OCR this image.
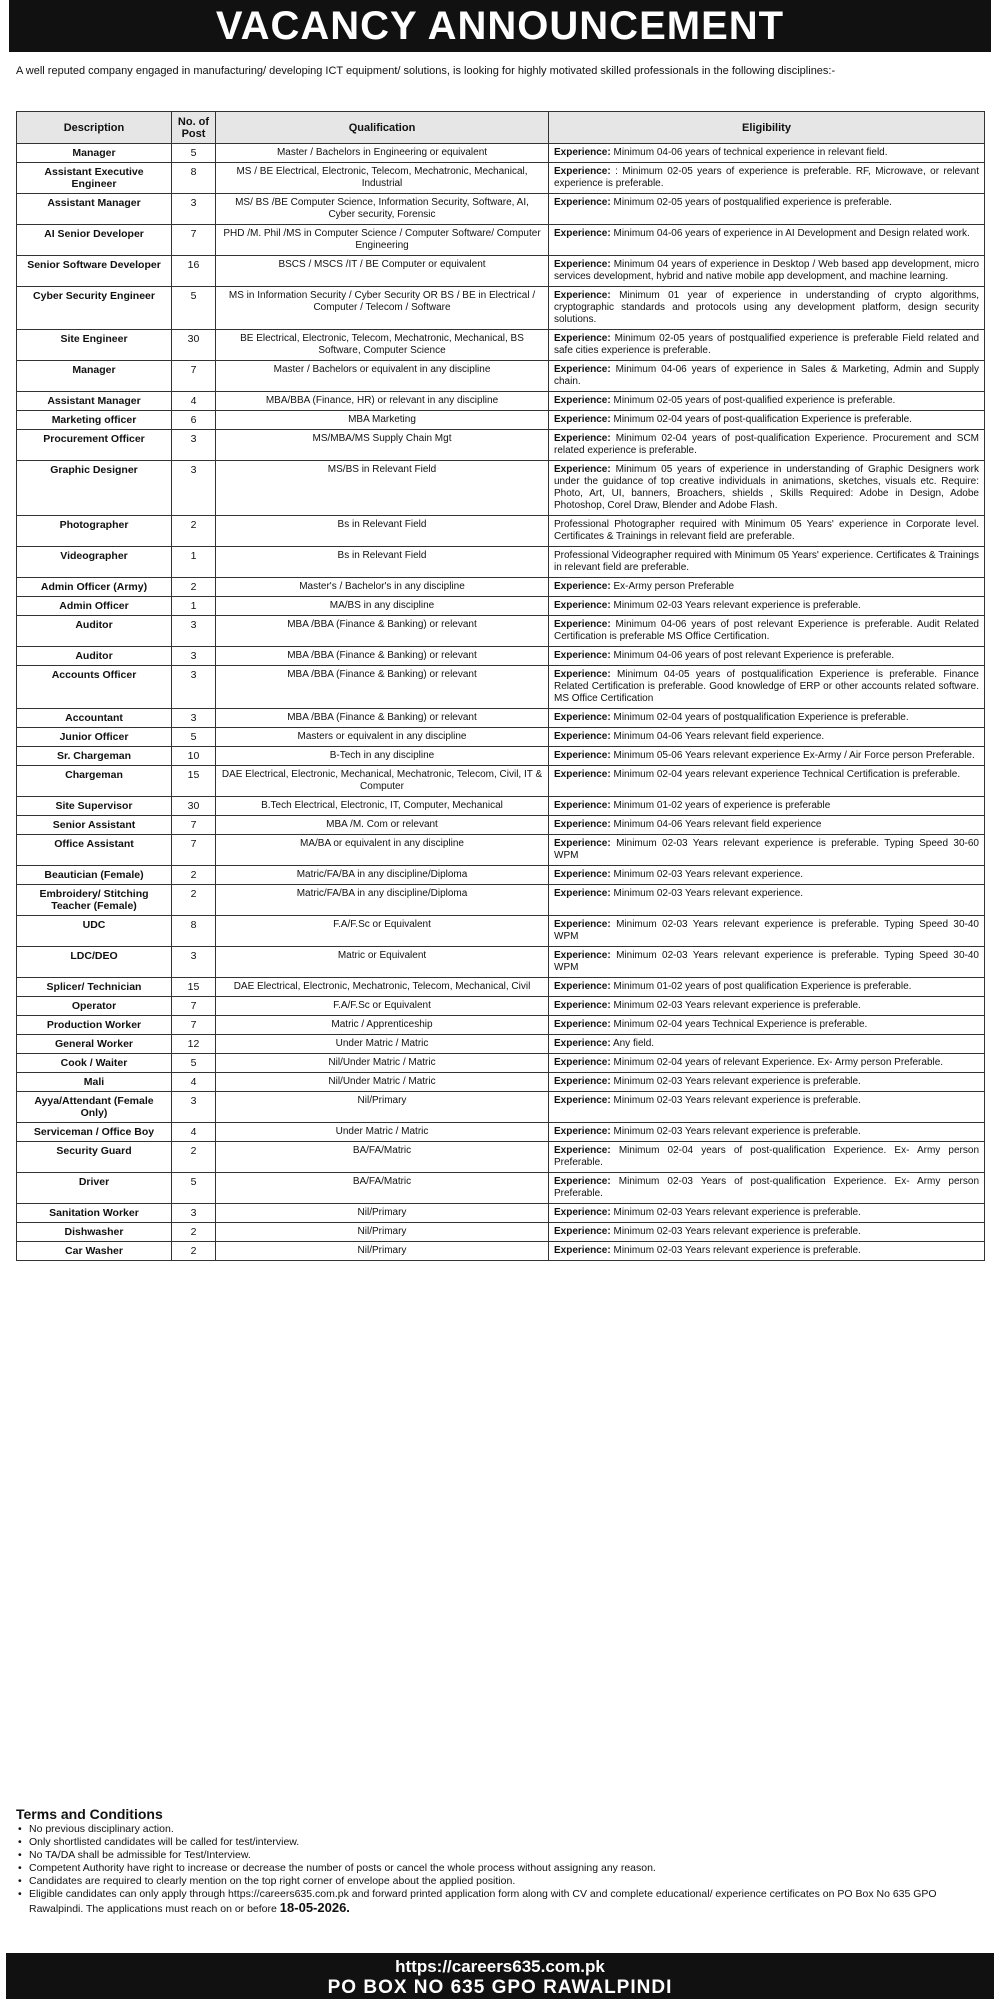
VACANCY ANNOUNCEMENT

A well reputed company engaged in manufacturing/ developing ICT equipment/ solutions, is looking for highly motivated skilled professionals in the following disciplines:-

Description	No. of Post	Qualification	Eligibility
Manager	5	Master / Bachelors in Engineering or equivalent	Experience: Minimum 04-06 years of technical experience in relevant field.
Assistant Executive Engineer	8	MS / BE Electrical, Electronic, Telecom, Mechatronic, Mechanical, Industrial	Experience: : Minimum 02-05 years of experience is preferable. RF, Microwave, or relevant experience is preferable.
Assistant Manager	3	MS/ BS /BE Computer Science, Information Security, Software, AI, Cyber security, Forensic	Experience: Minimum 02-05 years of postqualified experience is preferable.
AI Senior Developer	7	PHD /M. Phil /MS in Computer Science / Computer Software/ Computer Engineering	Experience: Minimum 04-06 years of experience in AI Development and Design related work.
Senior Software Developer	16	BSCS / MSCS /IT / BE Computer or equivalent	Experience: Minimum 04 years of experience in Desktop / Web based app development, micro services development, hybrid and native mobile app development, and machine learning.
Cyber Security Engineer	5	MS in Information Security / Cyber Security OR BS / BE in Electrical / Computer / Telecom / Software	Experience: Minimum 01 year of experience in understanding of crypto algorithms, cryptographic standards and protocols using any development platform, design security solutions.
Site Engineer	30	BE Electrical, Electronic, Telecom, Mechatronic, Mechanical, BS Software, Computer Science	Experience: Minimum 02-05 years of postqualified experience is preferable Field related and safe cities experience is preferable.
Manager	7	Master / Bachelors or equivalent in any discipline	Experience: Minimum 04-06 years of experience in Sales & Marketing, Admin and Supply chain.
Assistant Manager	4	MBA/BBA (Finance, HR) or relevant in any discipline	Experience: Minimum 02-05 years of post-qualified experience is preferable.
Marketing officer	6	MBA Marketing	Experience: Minimum 02-04 years of post-qualification Experience is preferable.
Procurement Officer	3	MS/MBA/MS Supply Chain Mgt	Experience: Minimum 02-04 years of post-qualification Experience. Procurement and SCM related experience is preferable.
Graphic Designer	3	MS/BS in Relevant Field	Experience: Minimum 05 years of experience in understanding of Graphic Designers work under the guidance of top creative individuals in animations, sketches, visuals etc. Require: Photo, Art, UI, banners, Broachers, shields , Skills Required: Adobe in Design, Adobe Photoshop, Corel Draw, Blender and Adobe Flash.
Photographer	2	Bs in Relevant Field	Professional Photographer required with Minimum 05 Years' experience in Corporate level. Certificates & Trainings in relevant field are preferable.
Videographer	1	Bs in Relevant Field	Professional Videographer required with Minimum 05 Years' experience. Certificates & Trainings in relevant field are preferable.
Admin Officer (Army)	2	Master's / Bachelor's in any discipline	Experience: Ex-Army person Preferable
Admin Officer	1	MA/BS in any discipline	Experience: Minimum 02-03 Years relevant experience is preferable.
Auditor	3	MBA /BBA (Finance & Banking) or relevant	Experience: Minimum 04-06 years of post relevant Experience is preferable. Audit Related Certification is preferable MS Office Certification.
Auditor	3	MBA /BBA (Finance & Banking) or relevant	Experience: Minimum 04-06 years of post relevant Experience is preferable.
Accounts Officer	3	MBA /BBA (Finance & Banking) or relevant	Experience: Minimum 04-05 years of postqualification Experience is preferable. Finance Related Certification is preferable. Good knowledge of ERP or other accounts related software. MS Office Certification
Accountant	3	MBA /BBA (Finance & Banking) or relevant	Experience: Minimum 02-04 years of postqualification Experience is preferable.
Junior Officer	5	Masters or equivalent in any discipline	Experience: Minimum 04-06 Years relevant field experience.
Sr. Chargeman	10	B-Tech in any discipline	Experience: Minimum 05-06 Years relevant experience Ex-Army / Air Force person Preferable.
Chargeman	15	DAE Electrical, Electronic, Mechanical, Mechatronic, Telecom, Civil, IT & Computer	Experience: Minimum 02-04 years relevant experience Technical Certification is preferable.
Site Supervisor	30	B.Tech Electrical, Electronic, IT, Computer, Mechanical	Experience: Minimum 01-02 years of experience is preferable
Senior Assistant	7	MBA /M. Com or relevant	Experience: Minimum 04-06 Years relevant field experience
Office Assistant	7	MA/BA or equivalent in any discipline	Experience: Minimum 02-03 Years relevant experience is preferable. Typing Speed 30-60 WPM
Beautician (Female)	2	Matric/FA/BA in any discipline/Diploma	Experience: Minimum 02-03 Years relevant experience.
Embroidery/ Stitching Teacher (Female)	2	Matric/FA/BA in any discipline/Diploma	Experience: Minimum 02-03 Years relevant experience.
UDC	8	F.A/F.Sc or Equivalent	Experience: Minimum 02-03 Years relevant experience is preferable. Typing Speed 30-40 WPM
LDC/DEO	3	Matric or Equivalent	Experience: Minimum 02-03 Years relevant experience is preferable. Typing Speed 30-40 WPM
Splicer/ Technician	15	DAE Electrical, Electronic, Mechatronic, Telecom, Mechanical, Civil	Experience: Minimum 01-02 years of post qualification Experience is preferable.
Operator	7	F.A/F.Sc or Equivalent	Experience: Minimum 02-03 Years relevant experience is preferable.
Production Worker	7	Matric / Apprenticeship	Experience: Minimum 02-04 years Technical Experience is preferable.
General Worker	12	Under Matric / Matric	Experience: Any field.
Cook / Waiter	5	Nil/Under Matric / Matric	Experience: Minimum 02-04 years of relevant Experience. Ex- Army person Preferable.
Mali	4	Nil/Under Matric / Matric	Experience: Minimum 02-03 Years relevant experience is preferable.
Ayya/Attendant (Female Only)	3	Nil/Primary	Experience: Minimum 02-03 Years relevant experience is preferable.
Serviceman / Office Boy	4	Under Matric / Matric	Experience: Minimum 02-03 Years relevant experience is preferable.
Security Guard	2	BA/FA/Matric	Experience: Minimum 02-04 years of post-qualification Experience. Ex- Army person Preferable.
Driver	5	BA/FA/Matric	Experience: Minimum 02-03 Years of post-qualification Experience. Ex- Army person Preferable.
Sanitation Worker	3	Nil/Primary	Experience: Minimum 02-03 Years relevant experience is preferable.
Dishwasher	2	Nil/Primary	Experience: Minimum 02-03 Years relevant experience is preferable.
Car Washer	2	Nil/Primary	Experience: Minimum 02-03 Years relevant experience is preferable.
Terms and Conditions
• No previous disciplinary action.
• Only shortlisted candidates will be called for test/interview.
• No TA/DA shall be admissible for Test/Interview.
• Competent Authority have right to increase or decrease the number of posts or cancel the whole process without assigning any reason.
• Candidates are required to clearly mention on the top right corner of envelope about the applied position.
• Eligible candidates can only apply through https://careers635.com.pk and forward printed application form along with CV and complete educational/ experience certificates on PO Box No 635 GPO Rawalpindi. The applications must reach on or before 18-05-2026.
https://careers635.com.pk
PO BOX NO 635 GPO RAWALPINDI
